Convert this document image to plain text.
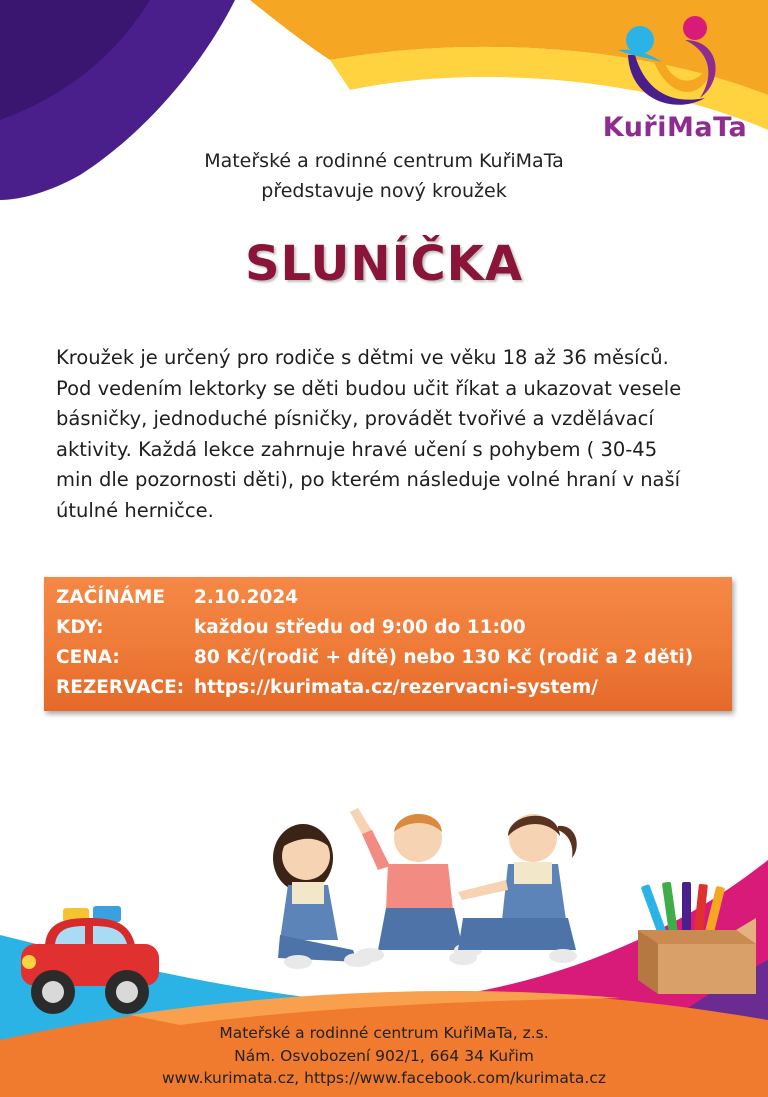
KuřiMaTa
Mateřské a rodinné centrum KuřiMaTa
představuje nový kroužek
SLUNÍČKA
Kroužek je určený pro rodiče s dětmi ve věku 18 až 36 měsíců.
Pod vedením lektorky se děti budou učit říkat a ukazovat vesele
básničky, jednoduché písničky, provádět tvořivé a vzdělávací
aktivity. Každá lekce zahrnuje hravé učení s pohybem ( 30-45
min dle pozornosti děti), po kterém následuje volné hraní v naší
útulné herničce.
ZAČÍNÁME 2.10.2024
KDY:	každou středu od 9:00 do 11:00
CENA:	80 Kč/(rodič + dítě) nebo 130 Kč (rodič a 2 děti)
REZERVACE: https://kurimata.cz/rezervacni-system/
Mateřské a rodinné centrum KuřiMaTa, z.s.
Nám. Osvobození 902/1, 664 34 Kuřim
www.kurimata.cz, https://www.facebook.com/kurimata.cz
